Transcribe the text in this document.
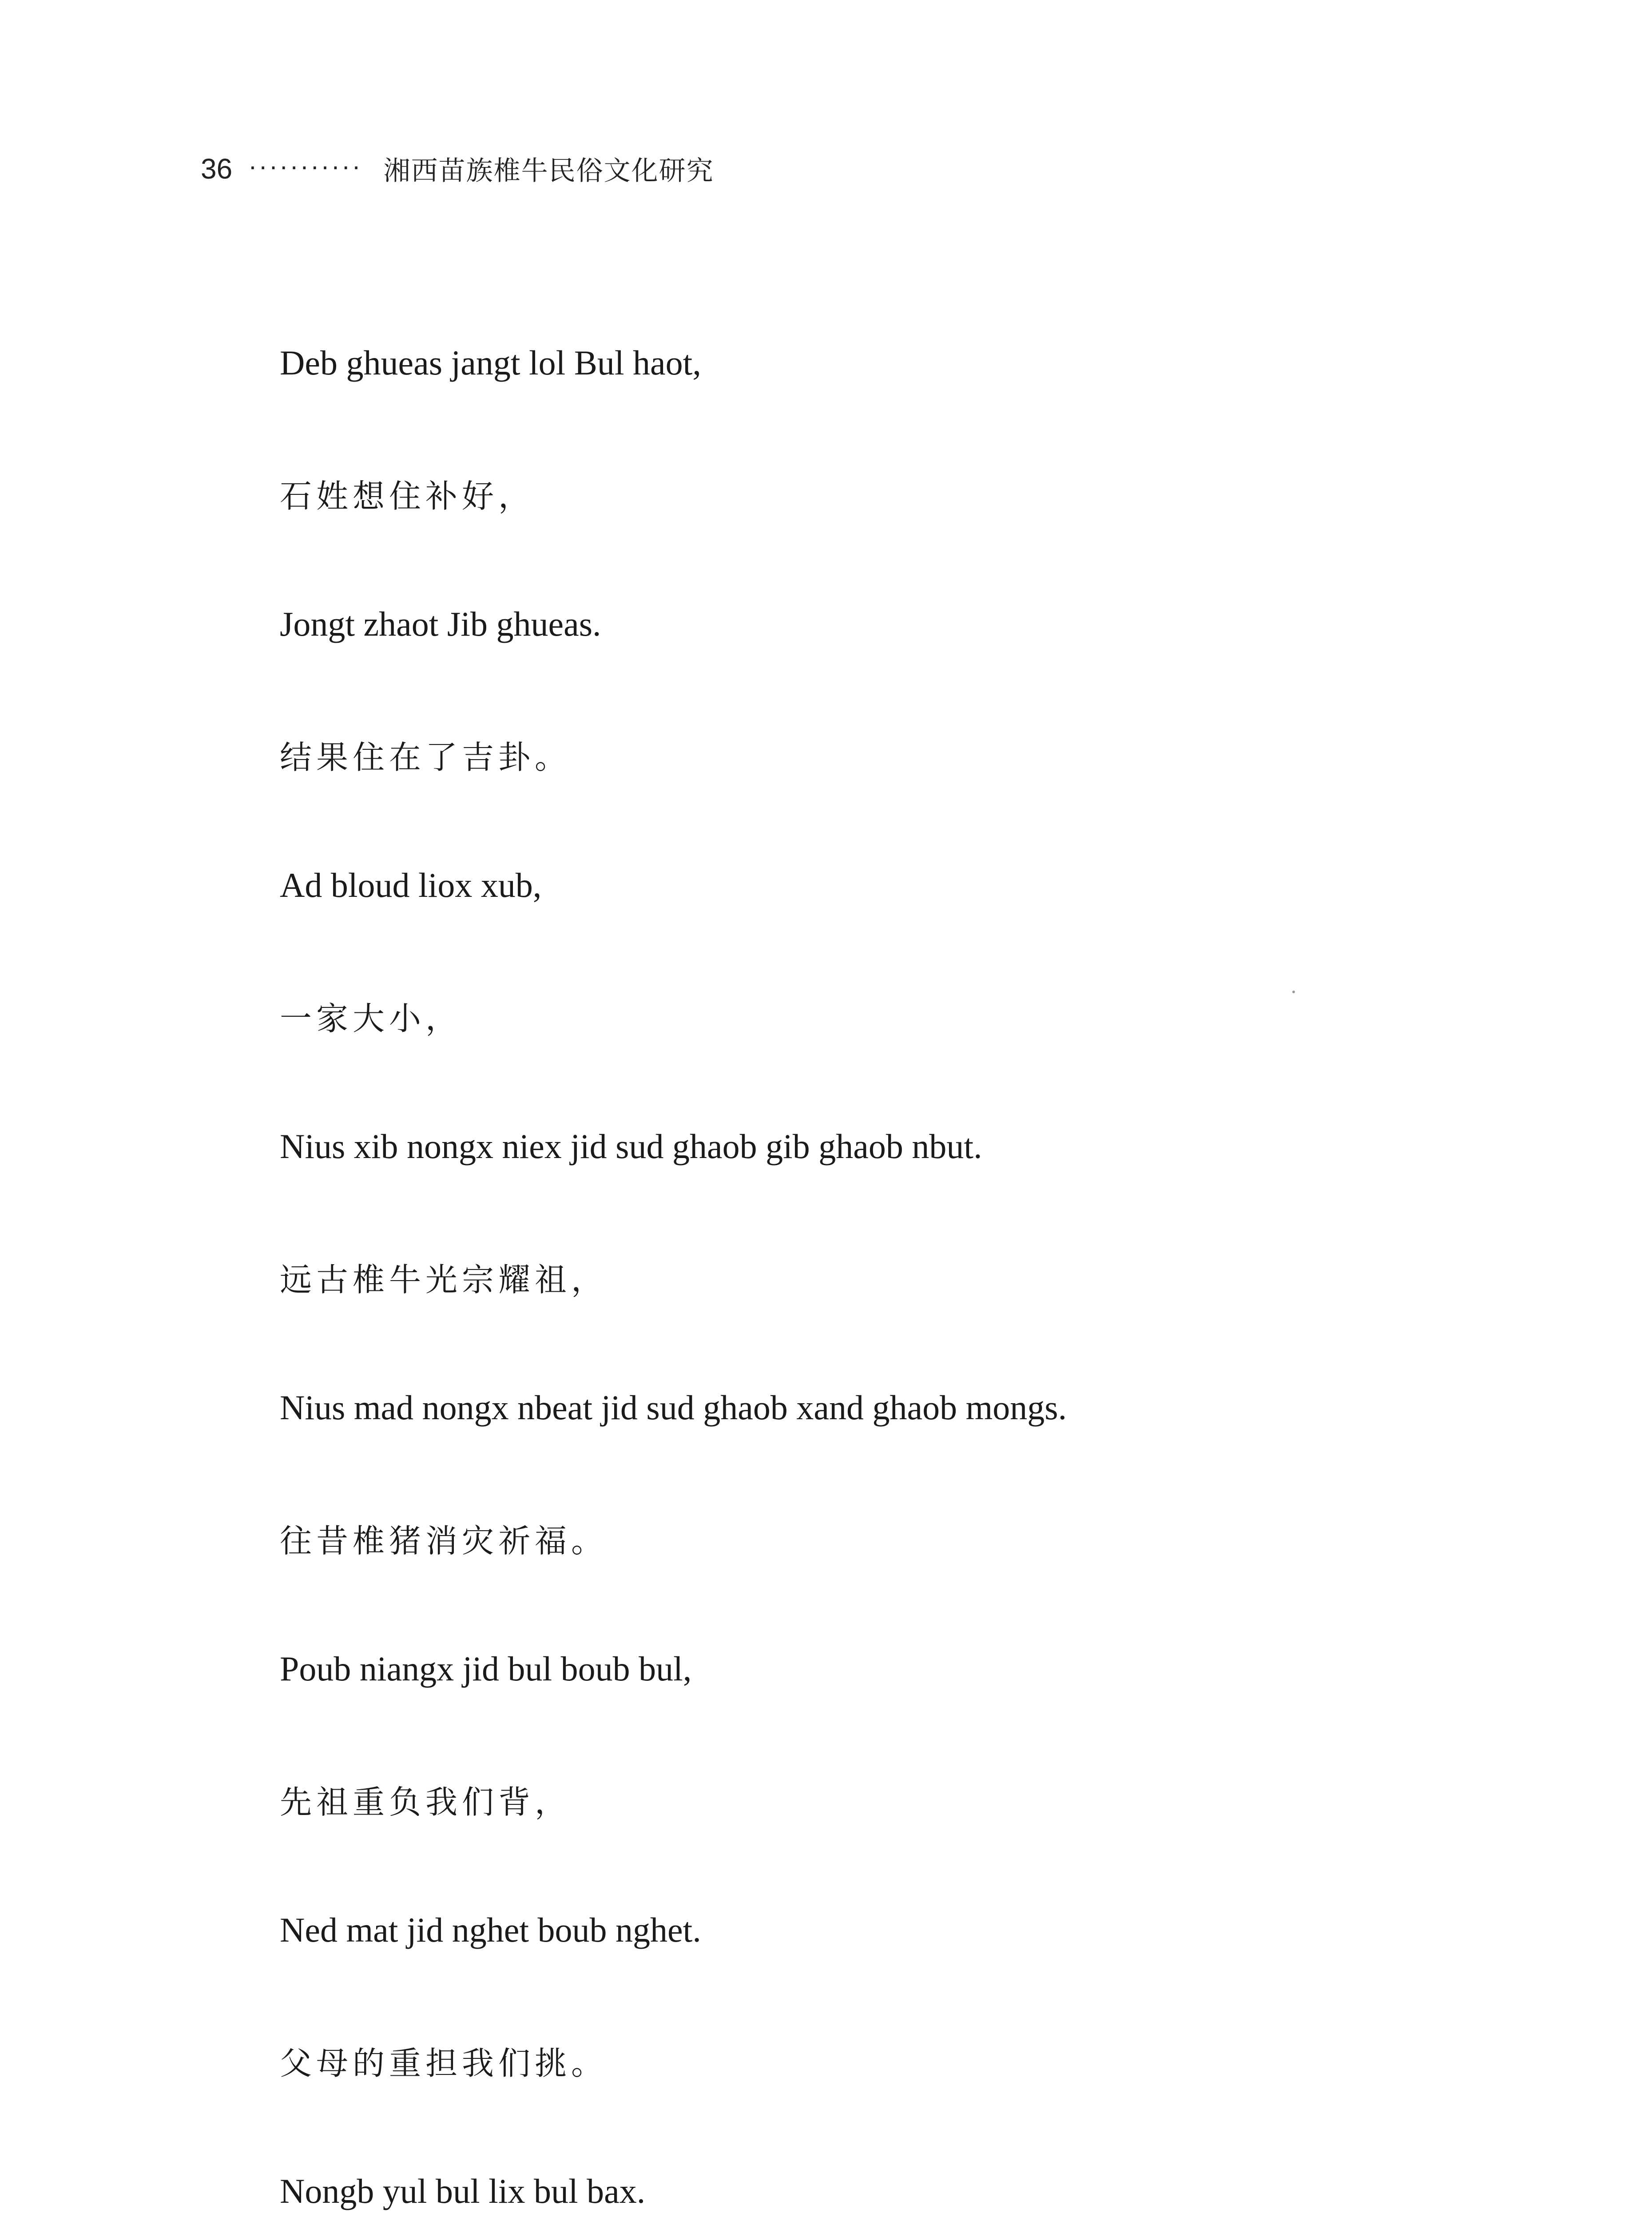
36 ··········· 湘西苗族椎牛民俗文化研究
Deb ghueas jangt lol Bul haot,
石姓想住补好，
Jongt zhaot Jib ghueas.
结果住在了吉卦。
Ad bloud liox xub,
一家大小，
Nius xib nongx niex jid sud ghaob gib ghaob nbut.
远古椎牛光宗耀祖，
Nius mad nongx nbeat jid sud ghaob xand ghaob mongs.
往昔椎猪消灾祈福。
Poub niangx jid bul boub bul,
先祖重负我们背，
Ned mat jid nghet boub nghet.
父母的重担我们挑。
Nongb yul bul lix bul bax.
